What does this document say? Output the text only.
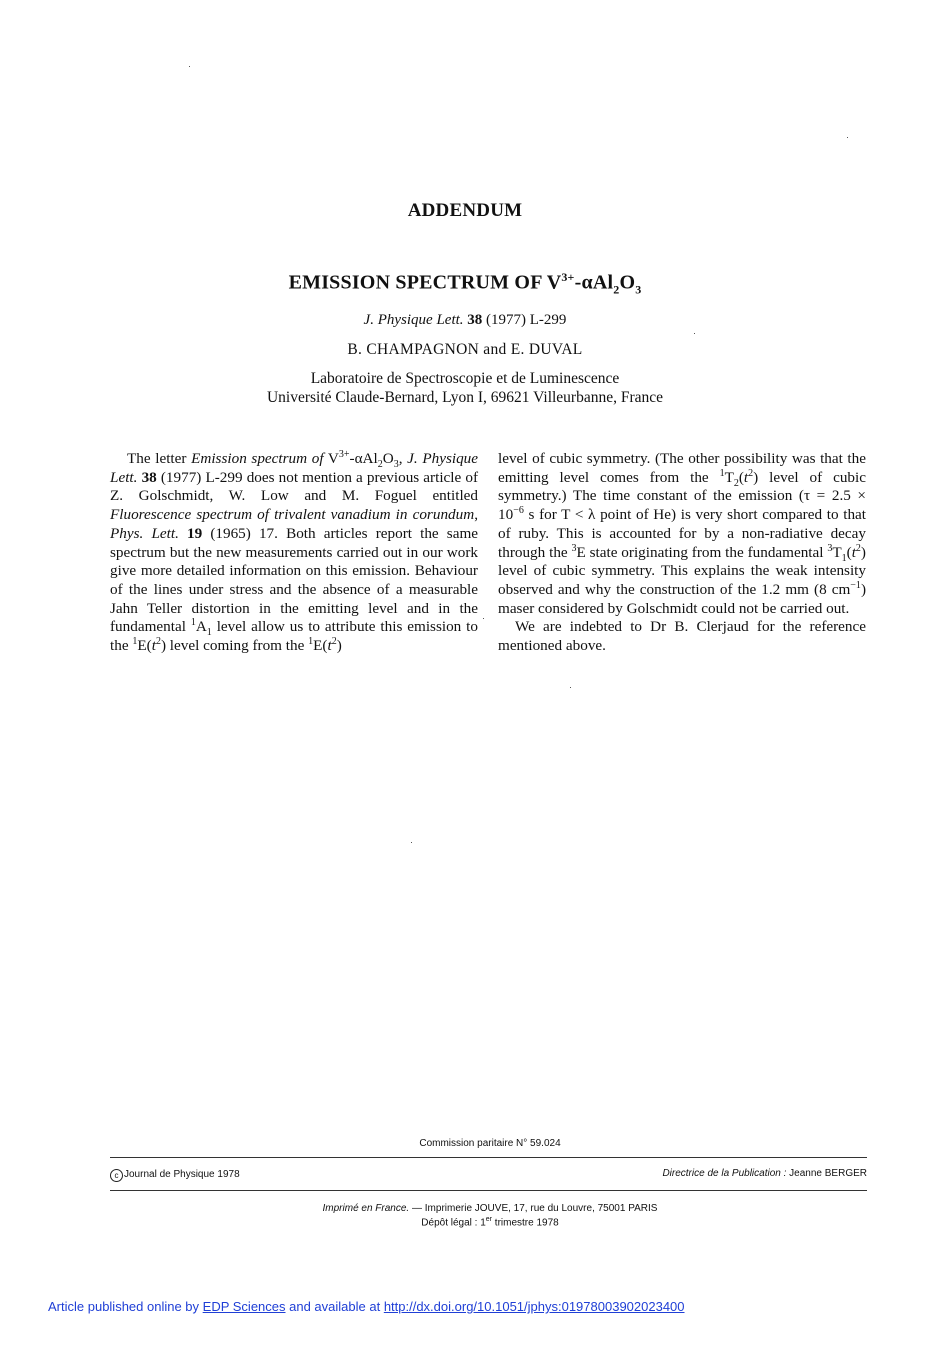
ADDENDUM
EMISSION SPECTRUM OF $V^{3+}-\alpha Al_2O_3$
J. Physique Lett. 38 (1977) L-299
B. CHAMPAGNON and E. DUVAL
Laboratoire de Spectroscopie et de Luminescence
Université Claude-Bernard, Lyon I, 69621 Villeurbanne, France

The letter Emission spectrum of $V^{3+}-\alpha Al_2O_3$, J. Physique Lett. 38 (1977) L-299 does not mention a previous article of Z. Golschmidt, W. Low and M. Foguel entitled Fluorescence spectrum of trivalent vanadium in corundum, Phys. Lett. 19 (1965) 17. Both articles report the same spectrum but the new measurements carried out in our work give more detailed information on this emission. Behaviour of the lines under stress and the absence of a measurable Jahn Teller distortion in the emitting level and in the fundamental $^1A_1$ level allow us to attribute this emission to the $^1E(t^2)$ level coming from the $^1E(t^2)$

level of cubic symmetry. (The other possibility was that the emitting level comes from the $^1T_2(t^2)$ level of cubic symmetry.) The time constant of the emission ($\tau = 2.5 \times 10^{-6}$ s for T < λ point of He) is very short compared to that of ruby. This is accounted for by a non-radiative decay through the $^3$E state originating from the fundamental $^3T_1(t^2)$ level of cubic symmetry. This explains the weak intensity observed and why the construction of the 1.2 mm (8 $cm^{-1}$) maser considered by Golschmidt could not be carried out.

We are indebted to Dr B. Clerjaud for the reference mentioned above.

Commission paritaire N° 59.024
c Journal de Physique 1978	Directrice de la Publication : Jeanne BERGER
Imprimé en France. — Imprimerie JOUVE, 17, rue du Louvre, 75001 PARIS
Dépôt légal : 1er trimestre 1978
Article published online by EDP Sciences and available at http://dx.doi.org/10.1051/jphys:01978003902023400
